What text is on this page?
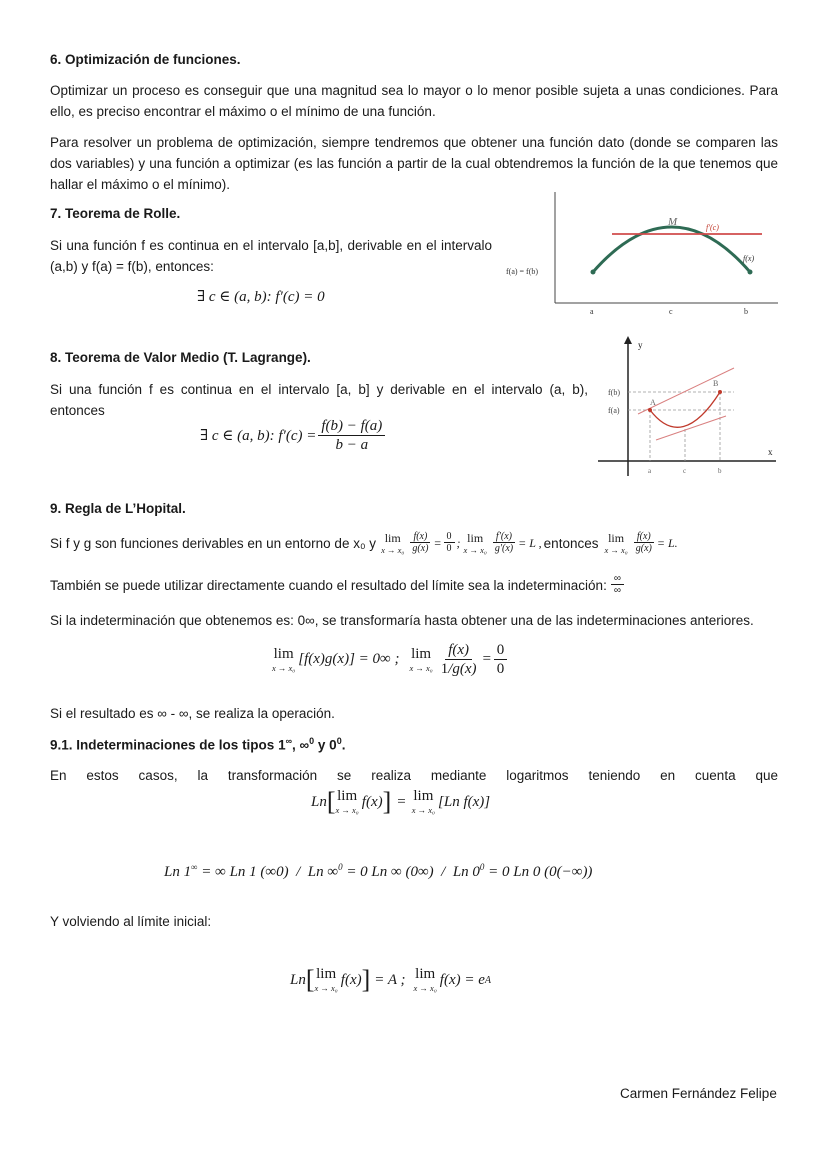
6. Optimización de funciones.
Optimizar un proceso es conseguir que una magnitud sea lo mayor o lo menor posible sujeta a unas condiciones. Para ello, es preciso encontrar el máximo o el mínimo de una función.
Para resolver un problema de optimización, siempre tendremos que obtener una función dato (donde se comparen las dos variables) y una función a optimizar (es las función a partir de la cual obtendremos la función de la que tenemos que hallar el máximo o el mínimo).
7. Teorema de Rolle.
Si una función f es continua en el intervalo [a,b], derivable en el intervalo (a,b) y f(a) = f(b), entonces:
∃ c ∈ (a, b): f′(c) = 0
M	f′(c)
f(x)
f(a) = f(b)
a	c	b
8. Teorema de Valor Medio (T. Lagrange).
Si una función f es continua en el intervalo [a, b] y derivable en el intervalo (a, b), entonces
∃ c ∈ (a, b): $f'(c) = \frac{f(b) - f(a)}{b - a}$
y
x
f(b)
f(a)
A
B
a	c	b
9. Regla de L’Hopital.
Si f y g son funciones derivables en un entorno de x₀ y lim
$x \to x_0 \frac{f(x)}{g(x)} = \frac{0}{0}$ ; lim
$x \to x_0 \frac{f'(x)}{g'(x)} = L$ , entonces lim
$x \to x_0 \frac{f(x)}{g(x)} = L$.
También se puede utilizar directamente cuando el resultado del límite sea la indeterminación: $\frac{\infty}{\infty}$
Si la indeterminación que obtenemos es: 0∞, se transformaría hasta obtener una de las indeterminaciones anteriores.
lim
x → x₀
[f(x)g(x)] = 0∞ ; lim
$x \to x_0 \frac{f(x)}{1/g(x)} = \frac{0}{0}$
Si el resultado es ∞ - ∞, se realiza la operación.
9.1. Indeterminaciones de los tipos 1∞, ∞$^0$ y $0^0$.
En estos casos, la transformación se realiza mediante logaritmos teniendo en cuenta que
Ln [ lim
x → x₀
f(x) ] = lim
x → x₀
[Ln f(x)]
Ln 1∞ = ∞ Ln 1 (∞0)  /  Ln ∞$^0$ = 0 Ln ∞ (0∞)  /  Ln $0^0 = 0$ Ln 0 (0(−∞))
Y volviendo al límite inicial:
Ln [ lim
x → x₀
f(x) ] = A ; lim
x → x₀
f(x) = e A
Carmen Fernández Felipe
